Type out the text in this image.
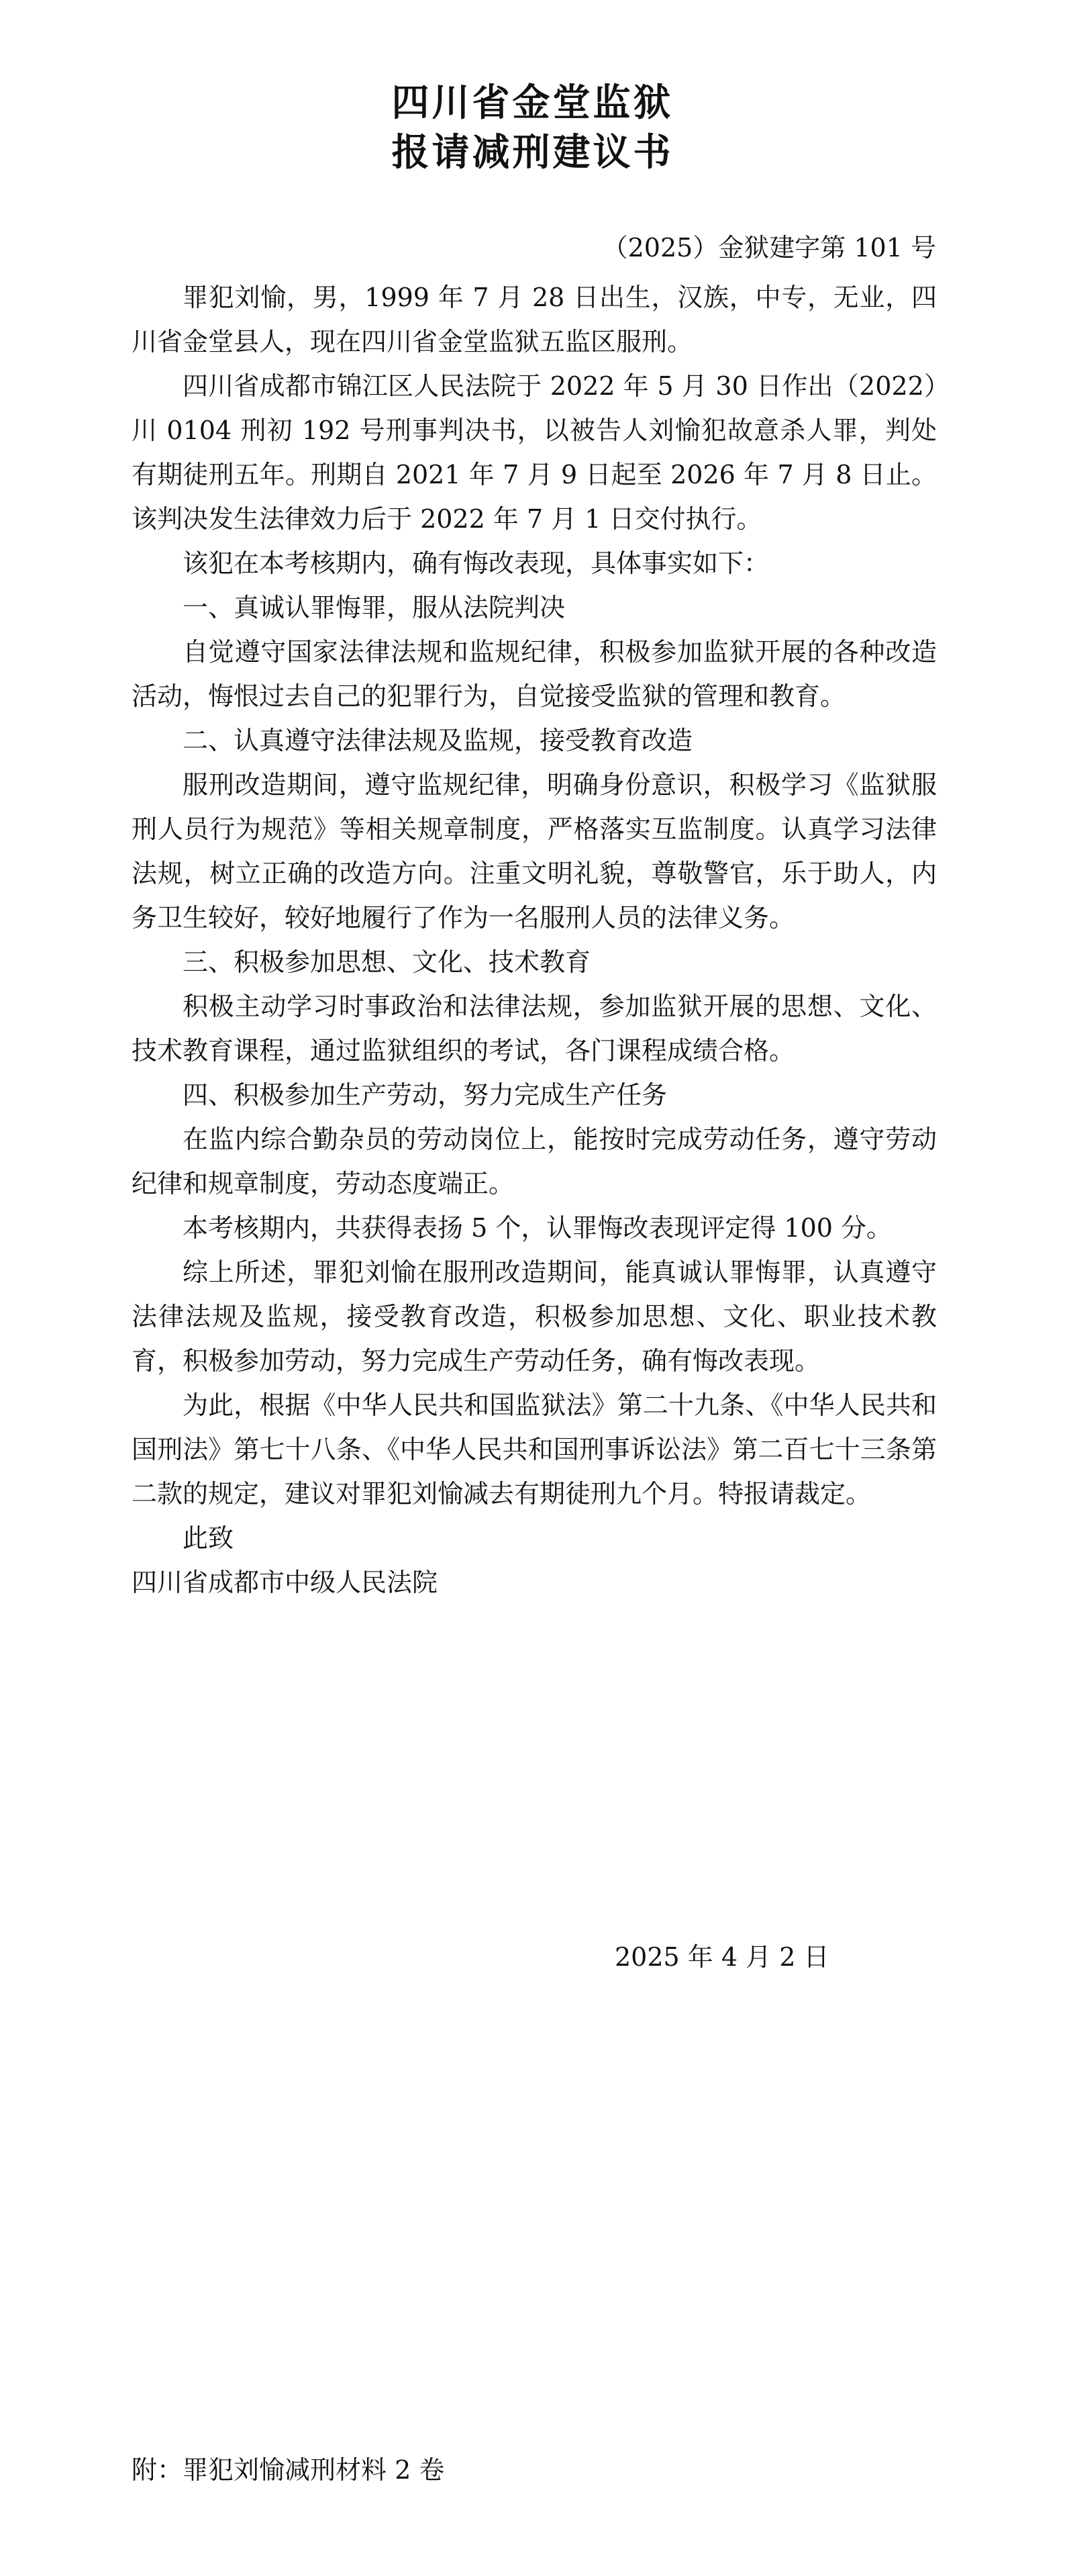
四川省金堂监狱
报请减刑建议书

（2025）金狱建字第 101 号

罪犯刘愉，男，1999 年 7 月 28 日出生，汉族，中专，无业，四川省金堂县人，现在四川省金堂监狱五监区服刑。

四川省成都市锦江区人民法院于 2022 年 5 月 30 日作出（2022）川 0104 刑初 192 号刑事判决书，以被告人刘愉犯故意杀人罪，判处有期徒刑五年。刑期自 2021 年 7 月 9 日起至 2026 年 7 月 8 日止。该判决发生法律效力后于 2022 年 7 月 1 日交付执行。

该犯在本考核期内，确有悔改表现，具体事实如下：

一、真诚认罪悔罪，服从法院判决

自觉遵守国家法律法规和监规纪律，积极参加监狱开展的各种改造活动，悔恨过去自己的犯罪行为，自觉接受监狱的管理和教育。

二、认真遵守法律法规及监规，接受教育改造

服刑改造期间，遵守监规纪律，明确身份意识，积极学习《监狱服刑人员行为规范》等相关规章制度，严格落实互监制度。认真学习法律法规，树立正确的改造方向。注重文明礼貌，尊敬警官，乐于助人，内务卫生较好，较好地履行了作为一名服刑人员的法律义务。

三、积极参加思想、文化、技术教育

积极主动学习时事政治和法律法规，参加监狱开展的思想、文化、技术教育课程，通过监狱组织的考试，各门课程成绩合格。

四、积极参加生产劳动，努力完成生产任务

在监内综合勤杂员的劳动岗位上，能按时完成劳动任务，遵守劳动纪律和规章制度，劳动态度端正。

本考核期内，共获得表扬 5 个，认罪悔改表现评定得 100 分。

综上所述，罪犯刘愉在服刑改造期间，能真诚认罪悔罪，认真遵守法律法规及监规，接受教育改造，积极参加思想、文化、职业技术教育，积极参加劳动，努力完成生产劳动任务，确有悔改表现。

为此，根据《中华人民共和国监狱法》第二十九条、《中华人民共和国刑法》第七十八条、《中华人民共和国刑事诉讼法》第二百七十三条第二款的规定，建议对罪犯刘愉减去有期徒刑九个月。特报请裁定。

此致

四川省成都市中级人民法院

2025 年 4 月 2 日

附：罪犯刘愉减刑材料 2 卷
